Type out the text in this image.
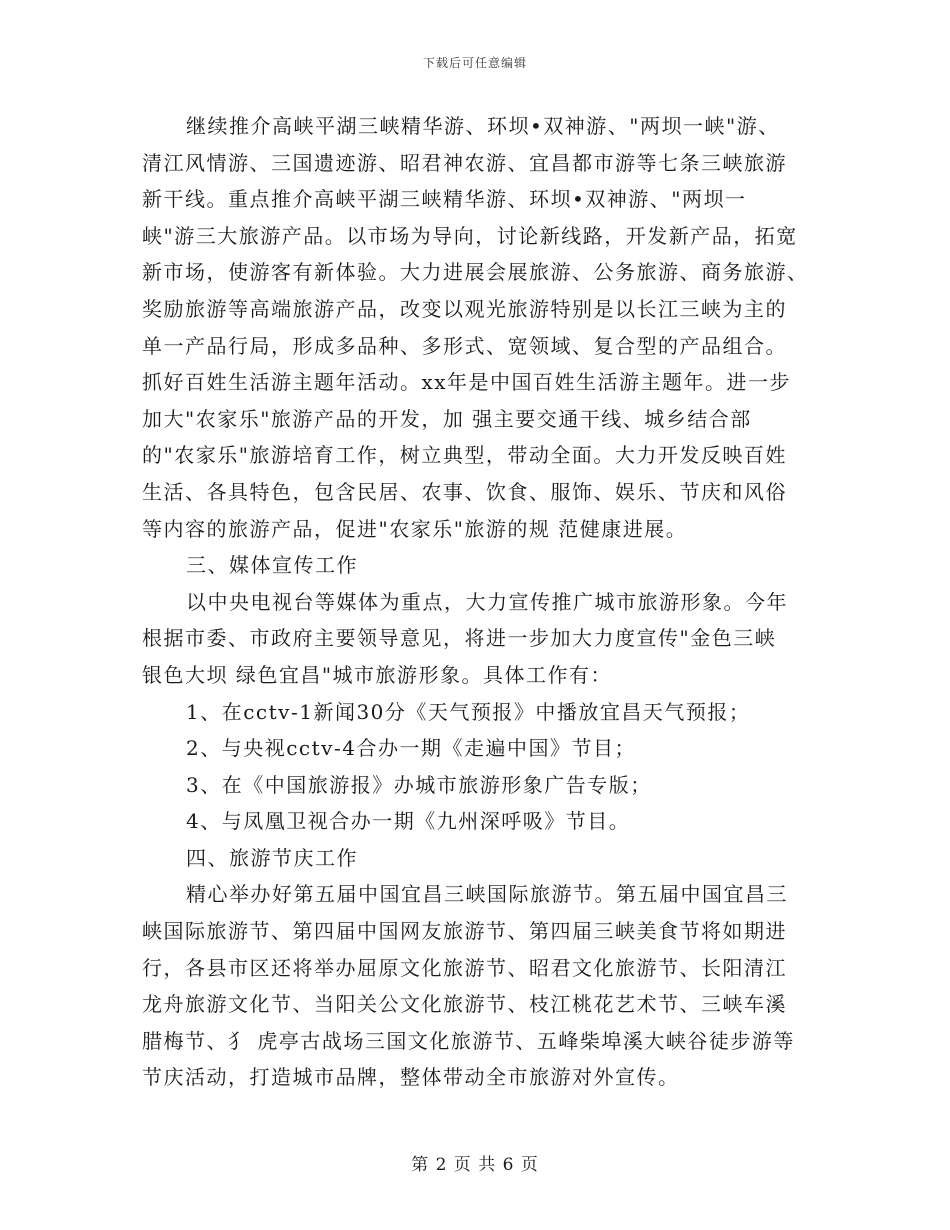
下载后可任意编辑
继续推介高峡平湖三峡精华游、环坝•双神游、"两坝一峡"游、
清江风情游、三国遗迹游、昭君神农游、宜昌都市游等七条三峡旅游
新干线。重点推介高峡平湖三峡精华游、环坝•双神游、"两坝一
峡"游三大旅游产品。以市场为导向，讨论新线路，开发新产品，拓宽
新市场，使游客有新体验。大力进展会展旅游、公务旅游、商务旅游、
奖励旅游等高端旅游产品，改变以观光旅游特别是以长江三峡为主的
单一产品行局，形成多品种、多形式、宽领域、复合型的产品组合。
抓好百姓生活游主题年活动。xx年是中国百姓生活游主题年。进一步
加大"农家乐"旅游产品的开发，加 强主要交通干线、城乡结合部
的"农家乐"旅游培育工作，树立典型，带动全面。大力开发反映百姓
生活、各具特色，包含民居、农事、饮食、服饰、娱乐、节庆和风俗
等内容的旅游产品，促进"农家乐"旅游的规 范健康进展。
三、媒体宣传工作
以中央电视台等媒体为重点，大力宣传推广城市旅游形象。今年
根据市委、市政府主要领导意见，将进一步加大力度宣传"金色三峡
银色大坝 绿色宜昌"城市旅游形象。具体工作有：
1、在cctv-1新闻30分《天气预报》中播放宜昌天气预报；
2、与央视cctv-4合办一期《走遍中国》节目；
3、在《中国旅游报》办城市旅游形象广告专版；
4、与凤凰卫视合办一期《九州深呼吸》节目。
四、旅游节庆工作
精心举办好第五届中国宜昌三峡国际旅游节。第五届中国宜昌三
峡国际旅游节、第四届中国网友旅游节、第四届三峡美食节将如期进
行，各县市区还将举办屈原文化旅游节、昭君文化旅游节、长阳清江
龙舟旅游文化节、当阳关公文化旅游节、枝江桃花艺术节、三峡车溪
腊梅节、犭 虎亭古战场三国文化旅游节、五峰柴埠溪大峡谷徒步游等
节庆活动，打造城市品牌，整体带动全市旅游对外宣传。
第 2 页 共 6 页
